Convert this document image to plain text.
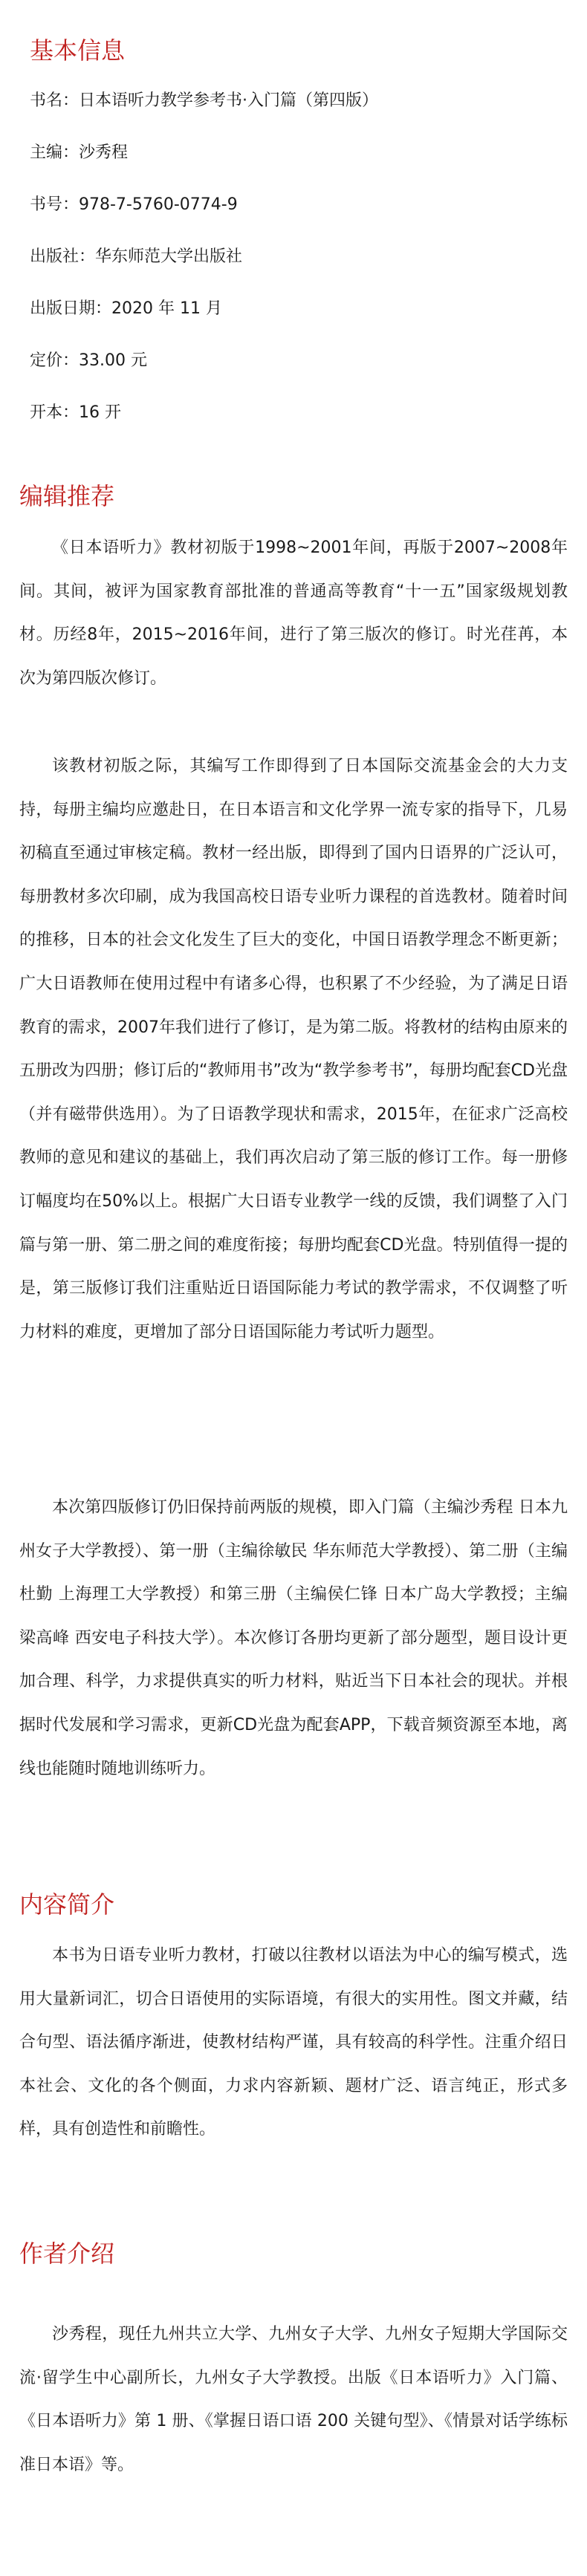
基本信息
书名：日本语听力教学参考书·入门篇（第四版）
主编：沙秀程
书号：978-7-5760-0774-9
出版社：华东师范大学出版社
出版日期：2020 年 11 月
定价：33.00 元
开本：16 开
编辑推荐

《日本语听力》教材初版于1998~2001年间，再版于2007~2008年间。其间，被评为国家教育部批准的普通高等教育“十一五”国家级规划教材。历经8年，2015~2016年间，进行了第三版次的修订。时光荏苒，本次为第四版次修订。

该教材初版之际，其编写工作即得到了日本国际交流基金会的大力支持，每册主编均应邀赴日，在日本语言和文化学界一流专家的指导下，几易初稿直至通过审核定稿。教材一经出版，即得到了国内日语界的广泛认可，每册教材多次印刷，成为我国高校日语专业听力课程的首选教材。随着时间的推移，日本的社会文化发生了巨大的变化，中国日语教学理念不断更新；广大日语教师在使用过程中有诸多心得，也积累了不少经验，为了满足日语教育的需求，2007年我们进行了修订，是为第二版。将教材的结构由原来的五册改为四册；修订后的“教师用书”改为“教学参考书”，每册均配套CD光盘（并有磁带供选用）。为了日语教学现状和需求，2015年，在征求广泛高校教师的意见和建议的基础上，我们再次启动了第三版的修订工作。每一册修订幅度均在50%以上。根据广大日语专业教学一线的反馈，我们调整了入门篇与第一册、第二册之间的难度衔接；每册均配套CD光盘。特别值得一提的是，第三版修订我们注重贴近日语国际能力考试的教学需求，不仅调整了听力材料的难度，更增加了部分日语国际能力考试听力题型。

本次第四版修订仍旧保持前两版的规模，即入门篇（主编沙秀程 日本九州女子大学教授）、第一册（主编徐敏民 华东师范大学教授）、第二册（主编杜勤 上海理工大学教授）和第三册（主编侯仁锋 日本广岛大学教授；主编梁高峰 西安电子科技大学）。本次修订各册均更新了部分题型，题目设计更加合理、科学，力求提供真实的听力材料，贴近当下日本社会的现状。并根据时代发展和学习需求，更新CD光盘为配套APP，下载音频资源至本地，离线也能随时随地训练听力。

内容简介

本书为日语专业听力教材，打破以往教材以语法为中心的编写模式，选用大量新词汇，切合日语使用的实际语境，有很大的实用性。图文并藏，结合句型、语法循序渐进，使教材结构严谨，具有较高的科学性。注重介绍日本社会、文化的各个侧面，力求内容新颖、题材广泛、语言纯正，形式多样，具有创造性和前瞻性。

作者介绍

沙秀程，现任九州共立大学、九州女子大学、九州女子短期大学国际交流·留学生中心副所长，九州女子大学教授。出版《日本语听力》入门篇、《日本语听力》第 1 册、《掌握日语口语 200 关键句型》、《情景对话学练标准日本语》等。
